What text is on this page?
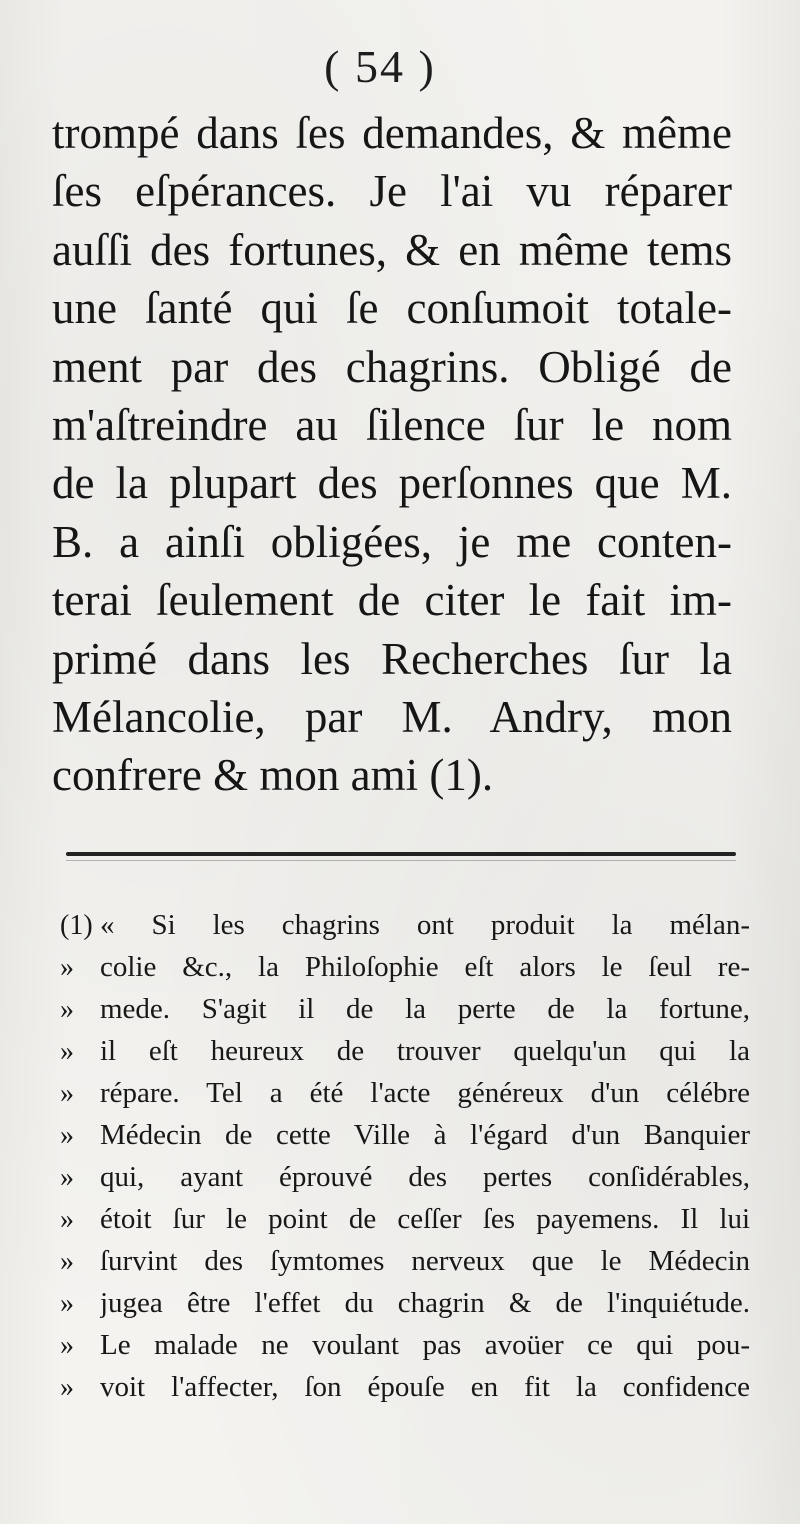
( 54 )
trompé dans ſes demandes, & même
ſes eſpérances. Je l'ai vu réparer
auſſi des fortunes, & en même tems
une ſanté qui ſe conſumoit totale-
ment par des chagrins. Obligé de
m'aſtreindre au ſilence ſur le nom
de la plupart des perſonnes que M.
B. a ainſi obligées, je me conten-
terai ſeulement de citer le fait im-
primé dans les Recherches ſur la
Mélancolie, par M. Andry, mon
confrere & mon ami (1).
(1) « Si les chagrins ont produit la mélan-
» colie &c., la Philoſophie eſt alors le ſeul re-
» mede. S'agit il de la perte de la fortune,
» il eſt heureux de trouver quelqu'un qui la
» répare. Tel a été l'acte généreux d'un célébre
» Médecin de cette Ville à l'égard d'un Banquier
» qui, ayant éprouvé des pertes conſidérables,
» étoit ſur le point de ceſſer ſes payemens. Il lui
» ſurvint des ſymtomes nerveux que le Médecin
» jugea être l'effet du chagrin & de l'inquiétude.
» Le malade ne voulant pas avoüer ce qui pou-
» voit l'affecter, ſon épouſe en fit la confidence
